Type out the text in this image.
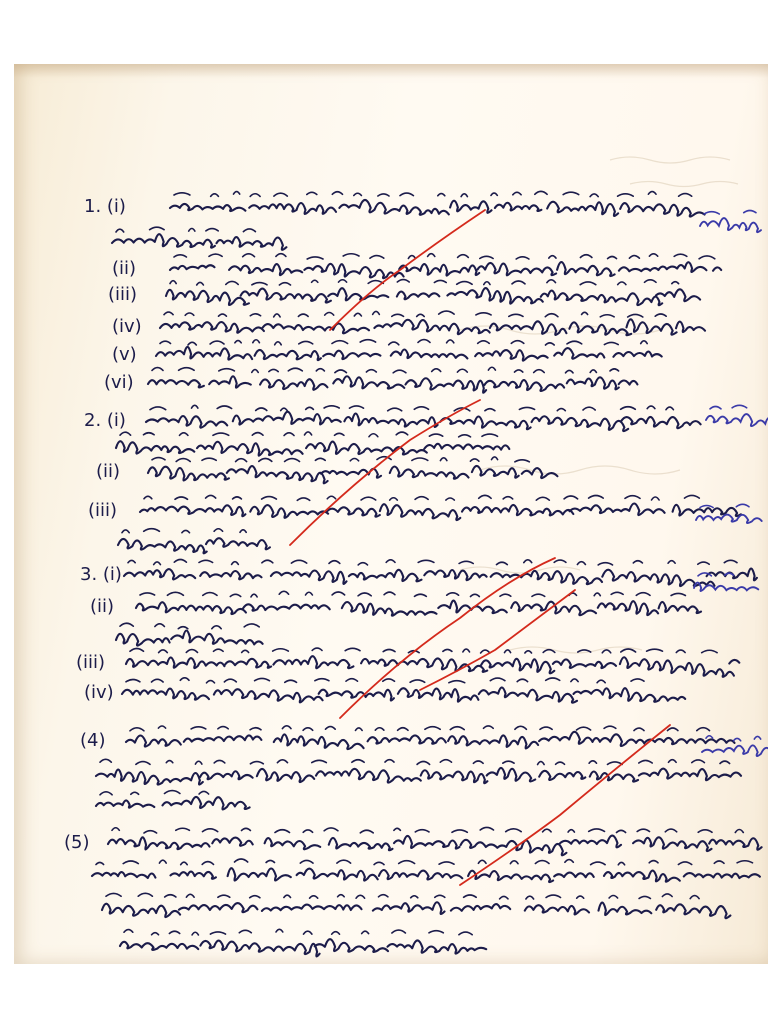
1. (i)
(ii)
(iii)
(iv)
(v)
(vi)
2. (i)
(ii)
(iii)
3. (i)
(ii)
(iii)
(iv)
(4)
(5)
